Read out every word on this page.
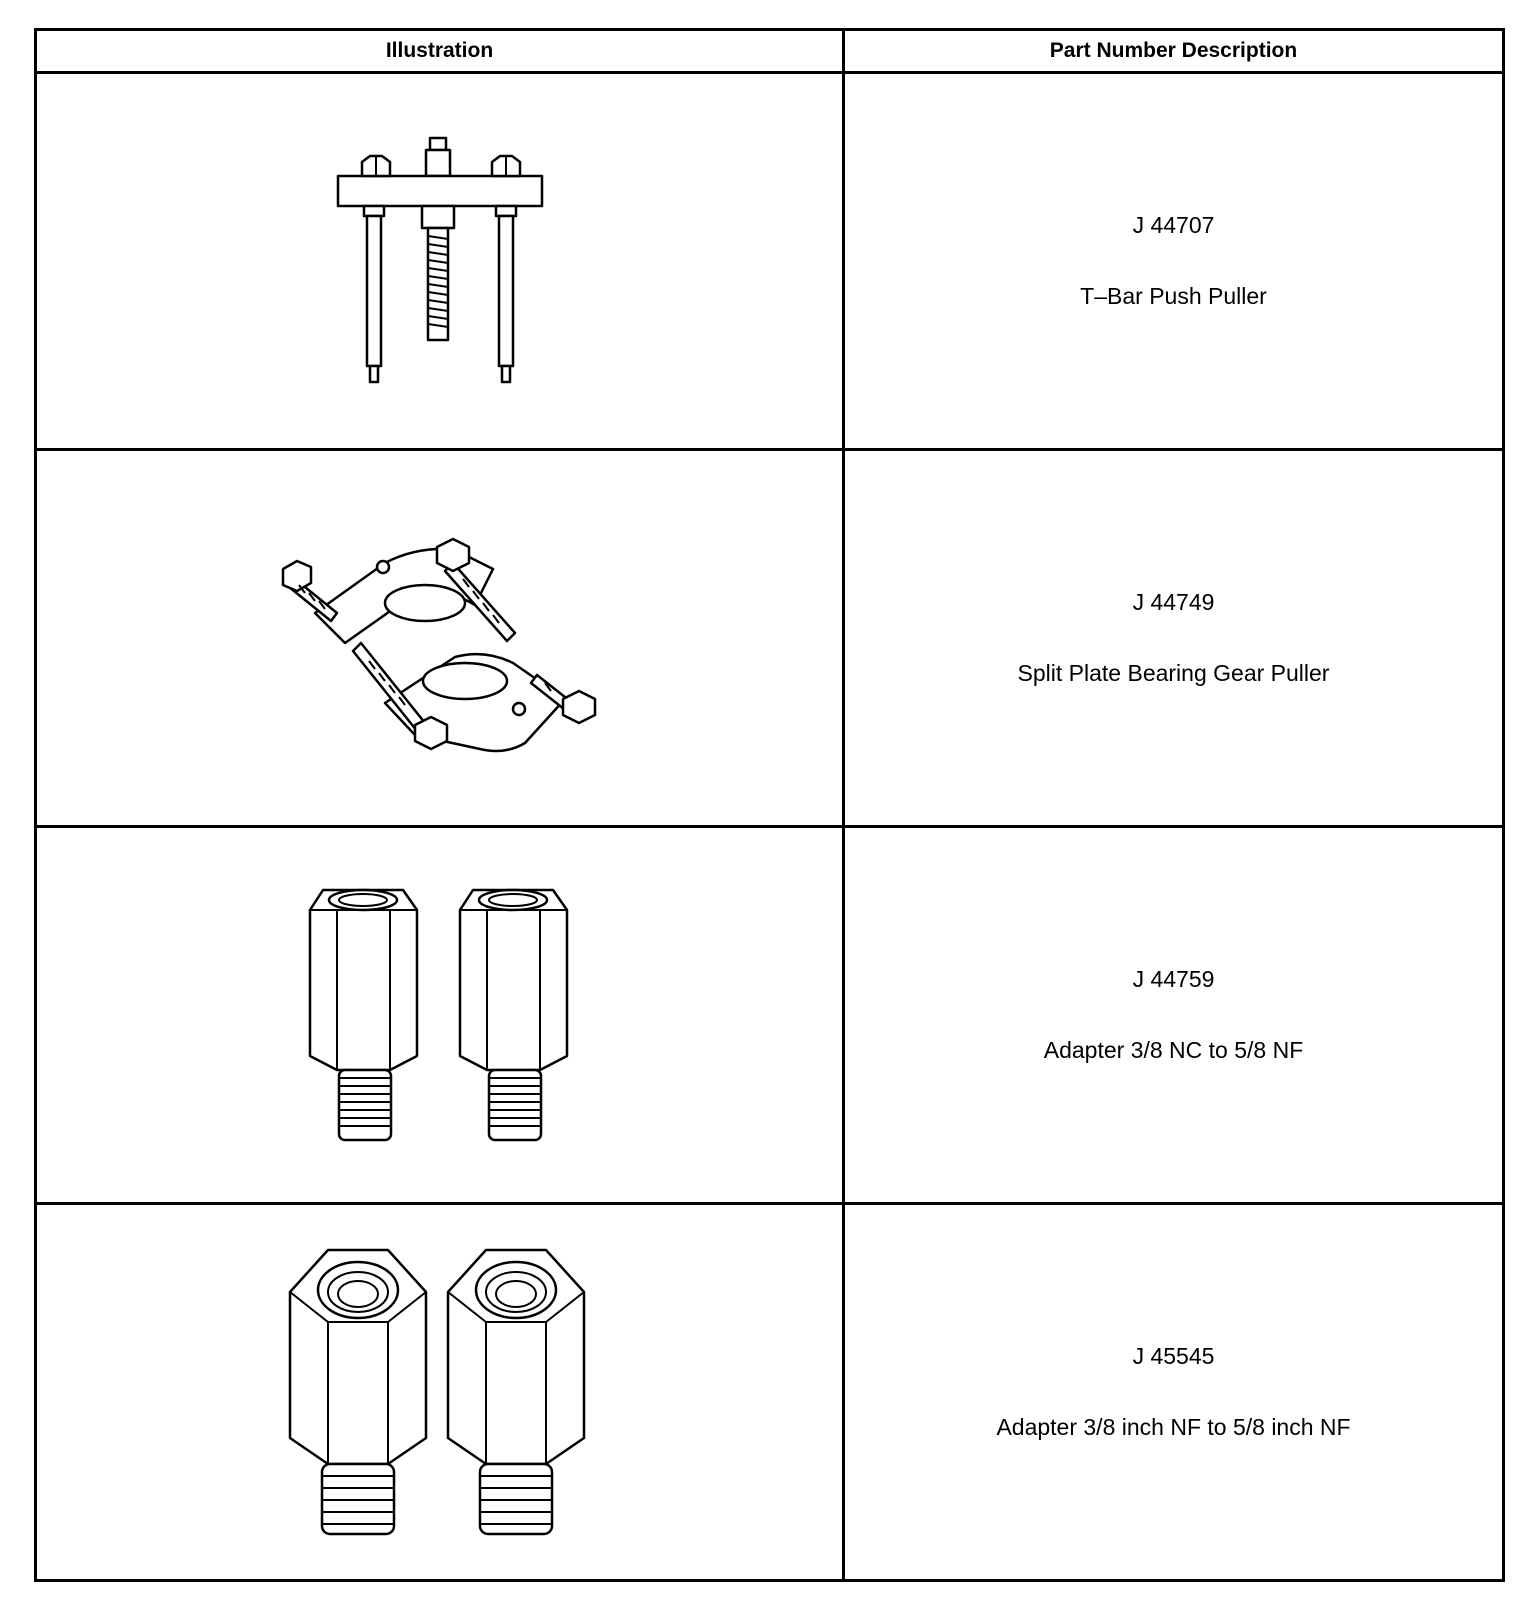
Illustration	Part Number Description

J 44707
T–Bar Push Puller

J 44749
Split Plate Bearing Gear Puller

J 44759
Adapter 3/8 NC to 5/8 NF

J 45545
Adapter 3/8 inch NF to 5/8 inch NF
